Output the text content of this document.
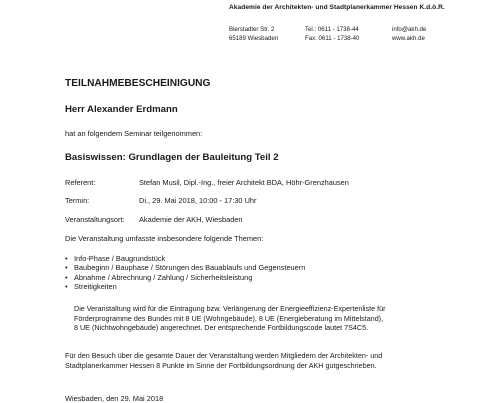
Akademie der Architekten- und Stadtplanerkammer Hessen K.d.ö.R.
Bierstadter Str. 2
65189 Wiesbaden
Tel.: 0611 - 1738-44
Fax: 0611 - 1738-40
info@akh.de
www.akh.de
TEILNAHMEBESCHEINIGUNG
Herr Alexander Erdmann
hat an folgendem Seminar teilgenommen:
Basiswissen: Grundlagen der Bauleitung Teil 2
Referent:	Stefan Musil, Dipl.-Ing., freier Architekt BDA, Höhr-Grenzhausen
Termin:	Di., 29. Mai 2018, 10:00 - 17:30 Uhr
Veranstaltungsort: Akademie der AKH, Wiesbaden
Die Veranstaltung umfasste insbesondere folgende Themen:
• Info-Phase / Baugrundstück
• Baubeginn / Bauphase / Störungen des Bauablaufs und Gegensteuern
• Abnahme / Abrechnung / Zahlung / Sicherheitsleistung
• Streitigkeiten
Die Veranstaltung wird für die Eintragung bzw. Verlängerung der Energieeffizienz-Expertenliste für
Förderprogramme des Bundes mit 8 UE (Wohngebäude), 8 UE (Energieberatung im Mittelstand),
8 UE (Nichtwohngebäude) angerechnet. Der entsprechende Fortbildungscode lautet 7S4C5.
Für den Besuch über die gesamte Dauer der Veranstaltung werden Mitgliedern der Architekten- und
Stadtplanerkammer Hessen 8 Punkte im Sinne der Fortbildungsordnung der AKH gutgeschrieben.
Wiesbaden, den 29. Mai 2018
